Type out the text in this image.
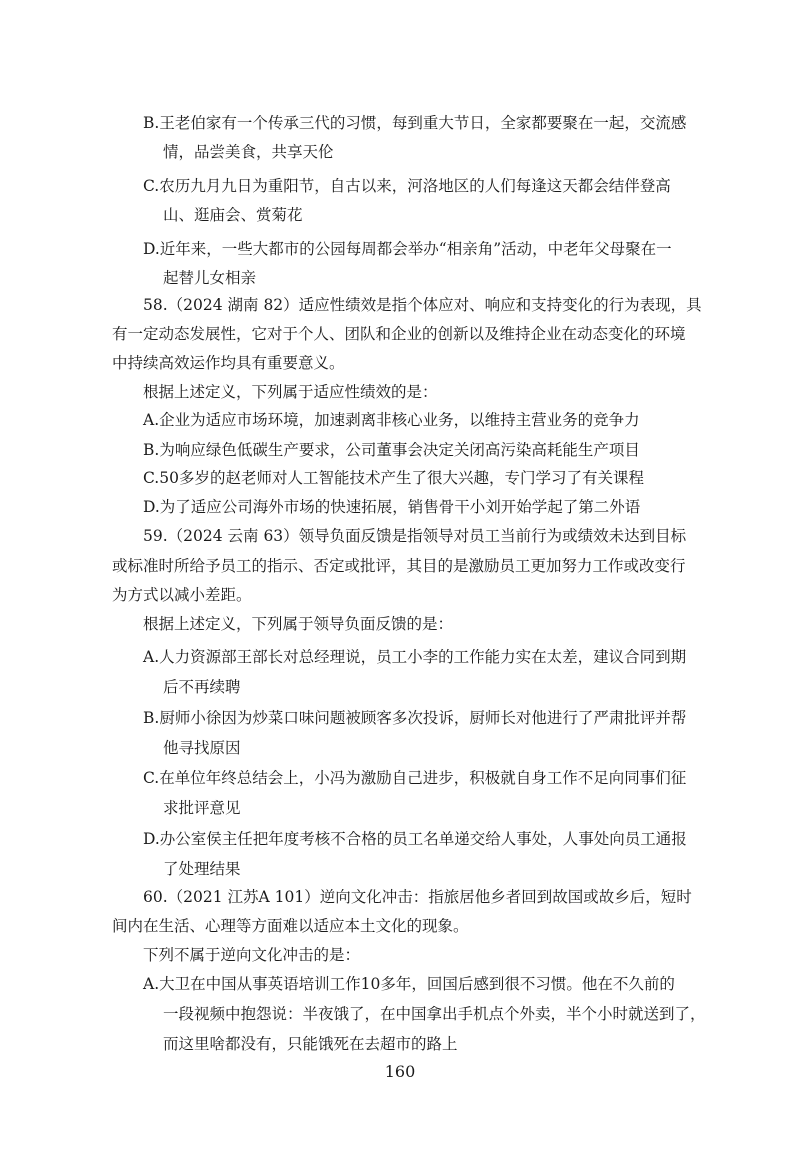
B.王老伯家有一个传承三代的习惯，每到重大节日，全家都要聚在一起，交流感
情，品尝美食，共享天伦
C.农历九月九日为重阳节，自古以来，河洛地区的人们每逢这天都会结伴登高
山、逛庙会、赏菊花
D.近年来，一些大都市的公园每周都会举办“相亲角”活动，中老年父母聚在一
起替儿女相亲
58.（2024 湖南 82）适应性绩效是指个体应对、响应和支持变化的行为表现，具
有一定动态发展性，它对于个人、团队和企业的创新以及维持企业在动态变化的环境
中持续高效运作均具有重要意义。
根据上述定义，下列属于适应性绩效的是：
A.企业为适应市场环境，加速剥离非核心业务，以维持主营业务的竞争力
B.为响应绿色低碳生产要求，公司董事会决定关闭高污染高耗能生产项目
C.50多岁的赵老师对人工智能技术产生了很大兴趣，专门学习了有关课程
D.为了适应公司海外市场的快速拓展，销售骨干小刘开始学起了第二外语
59.（2024 云南 63）领导负面反馈是指领导对员工当前行为或绩效未达到目标
或标准时所给予员工的指示、否定或批评，其目的是激励员工更加努力工作或改变行
为方式以减小差距。
根据上述定义，下列属于领导负面反馈的是：
A.人力资源部王部长对总经理说，员工小李的工作能力实在太差，建议合同到期
后不再续聘
B.厨师小徐因为炒菜口味问题被顾客多次投诉，厨师长对他进行了严肃批评并帮
他寻找原因
C.在单位年终总结会上，小冯为激励自己进步，积极就自身工作不足向同事们征
求批评意见
D.办公室侯主任把年度考核不合格的员工名单递交给人事处，人事处向员工通报
了处理结果
60.（2021 江苏A 101）逆向文化冲击：指旅居他乡者回到故国或故乡后，短时
间内在生活、心理等方面难以适应本土文化的现象。
下列不属于逆向文化冲击的是：
A.大卫在中国从事英语培训工作10多年，回国后感到很不习惯。他在不久前的
一段视频中抱怨说：半夜饿了，在中国拿出手机点个外卖，半个小时就送到了，
而这里啥都没有，只能饿死在去超市的路上
160
